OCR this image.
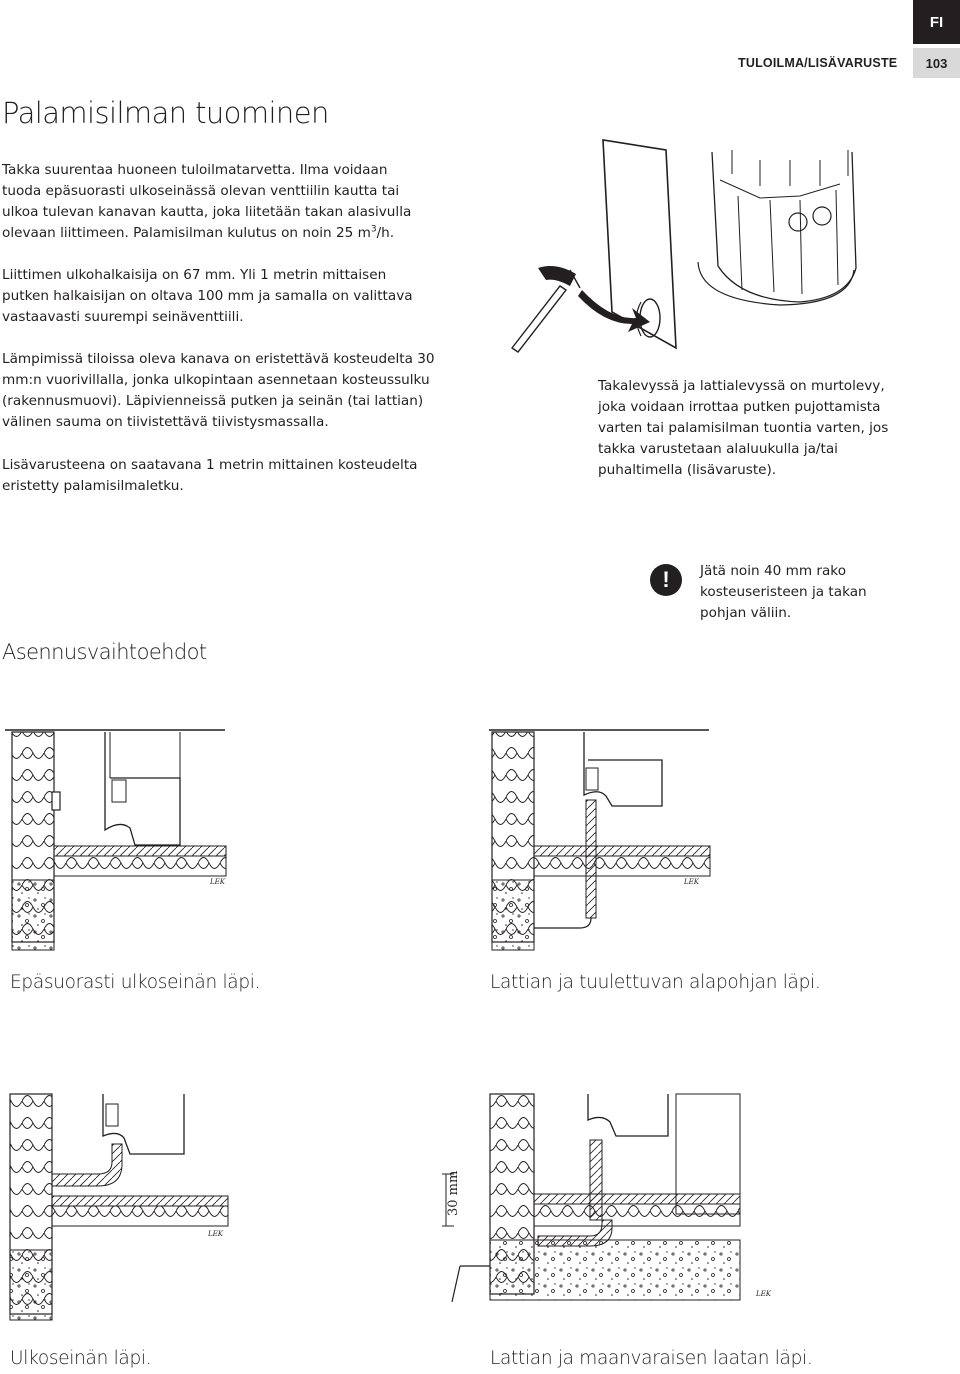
FI
TULOILMA/LISÄVARUSTE	103
Palamisilman tuominen

Takka suurentaa huoneen tuloilmatarvetta. Ilma voidaan tuoda epäsuorasti ulkoseinässä olevan venttiilin kautta tai ulkoa tulevan kanavan kautta, joka liitetään takan alasivulla olevaan liittimeen. Palamisilman kulutus on noin 25 $m^3/h$.

Liittimen ulkohalkaisija on 67 mm. Yli 1 metrin mittaisen putken halkaisijan on oltava 100 mm ja samalla on valittava vastaavasti suurempi seinäventtiili.

Lämpimissä tiloissa oleva kanava on eristettävä kosteudelta 30 mm:n vuorivillalla, jonka ulkopintaan asennetaan kosteussulku (rakennusmuovi). Läpivienneissä putken ja seinän (tai lattian) välinen sauma on tiivistettävä tiivistysmassalla.

Lisävarusteena on saatavana 1 metrin mittainen kosteudelta eristetty palamisilmaletku.

Takalevyssä ja lattialevyssä on murtolevy, joka voidaan irrottaa putken pujottamista varten tai palamisilman tuontia varten, jos takka varustetaan alaluukulla ja/tai puhaltimella (lisävaruste).

!	Jätä noin 40 mm rako kosteuseristeen ja takan pohjan väliin.

Asennusvaihtoehdot
LEK

Epäsuorasti ulkoseinän läpi.

LEK

Lattian ja tuulettuvan alapohjan läpi.

LEK

Ulkoseinän läpi.

30 mm
LEK

Lattian ja maanvaraisen laatan läpi.
